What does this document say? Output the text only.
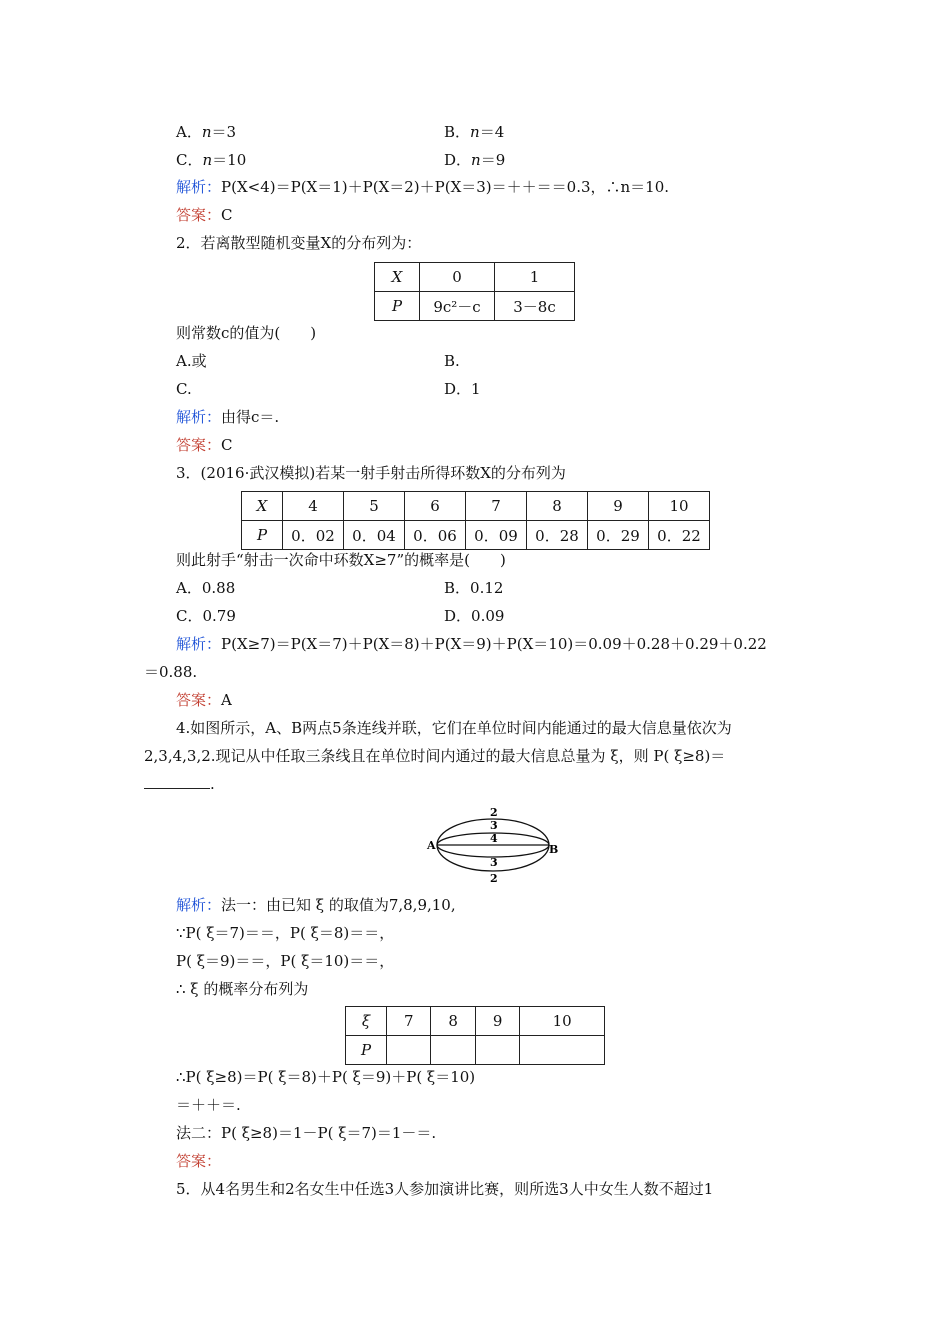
A．n＝3	B．n＝4
C．n＝10	D．n＝9
解析：P(X<4)＝P(X＝1)＋P(X＝2)＋P(X＝3)＝＋＋＝＝0.3，∴n＝10.
答案：C
2．若离散型随机变量X的分布列为：
X	0	1
P	9c²－c	3－8c
则常数c的值为(　　)
A.或	B.
C.	D．1
解析：由得c＝.
答案：C
3．(2016·武汉模拟)若某一射手射击所得环数X的分布列为
X	4	5	6	7	8	9	10
P	0．02	0．04	0．06	0．09	0．28	0．29	0．22
则此射手“射击一次命中环数X≥7”的概率是(　　)
A．0.88	B．0.12
C．0.79	D．0.09
解析：P(X≥7)＝P(X＝7)＋P(X＝8)＋P(X＝9)＋P(X＝10)＝0.09＋0.28＋0.29＋0.22
＝0.88.
答案：A
4.如图所示，A、B两点5条连线并联，它们在单位时间内能通过的最大信息量依次为
2,3,4,3,2.现记从中任取三条线且在单位时间内通过的最大信息总量为 ξ，则 P( ξ≥8)＝
.
A	B
2
3
4
3
2
解析：法一：由已知 ξ 的取值为7,8,9,10,
∵P( ξ＝7)＝＝，P( ξ＝8)＝＝，
P( ξ＝9)＝＝，P( ξ＝10)＝＝，
∴ ξ 的概率分布列为
ξ	7	8	9	10
P				
∴P( ξ≥8)＝P( ξ＝8)＋P( ξ＝9)＋P( ξ＝10)
＝＋＋＝.
法二：P( ξ≥8)＝1－P( ξ＝7)＝1－＝.
答案：
5．从4名男生和2名女生中任选3人参加演讲比赛，则所选3人中女生人数不超过1
